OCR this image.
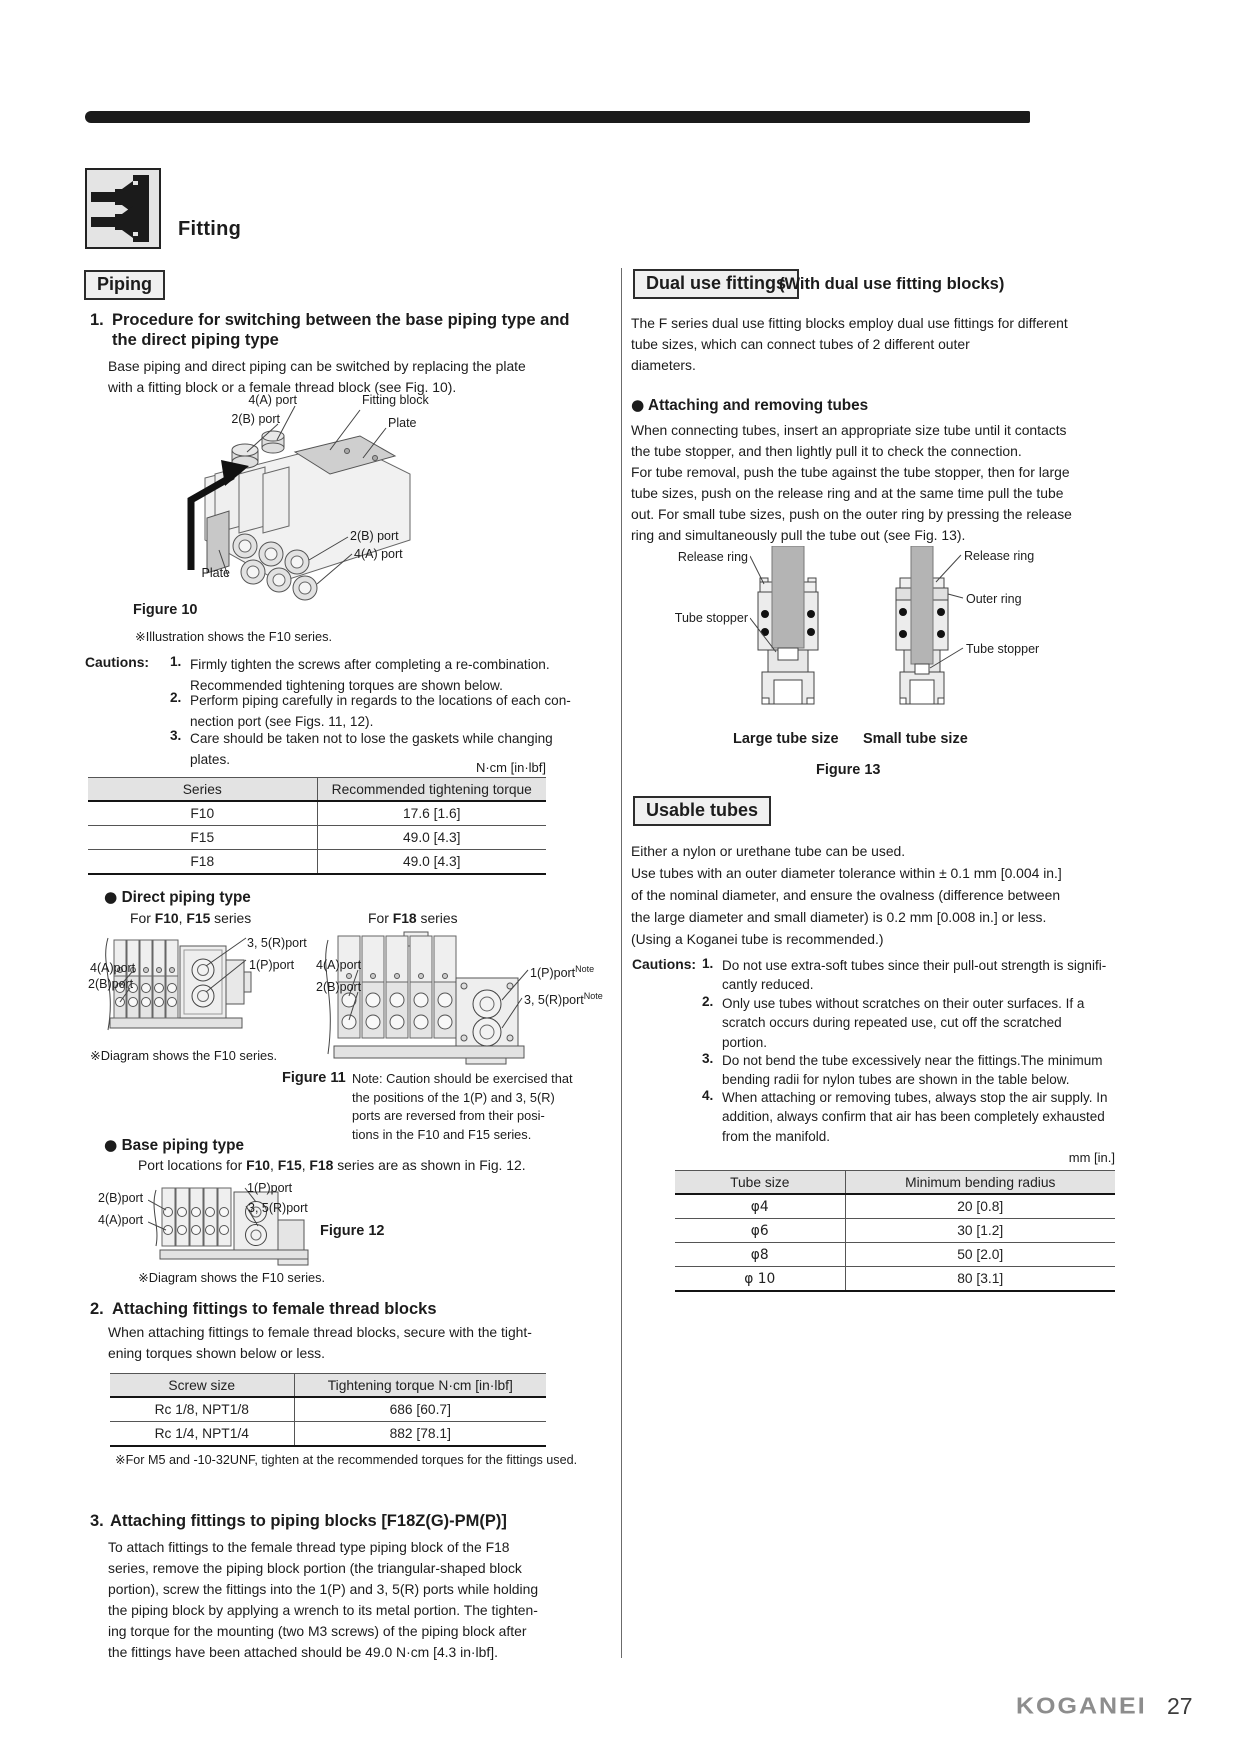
Fitting
Piping
1. Procedure for switching between the base piping type and
the direct piping type
Base piping and direct piping can be switched by replacing the plate
with a fitting block or a female thread block (see Fig. 10).
4(A) port
2(B) port
Fitting block
Plate
2(B) port
4(A) port
Plate
Figure 10
※Illustration shows the F10 series.
Cautions: 1. Firmly tighten the screws after completing a re-combination.
Recommended tightening torques are shown below.
2. Perform piping carefully in regards to the locations of each con-
nection port (see Figs. 11, 12).
3. Care should be taken not to lose the gaskets while changing
plates.
N·cm [in·lbf]
Series	Recommended tightening torque
F10	17.6 [1.6]
F15	49.0 [4.3]
F18	49.0 [4.3]
● Direct piping type
For F10, F15 series	For F18 series
3, 5(R)port
1(P)port
4(A)port
2(B)port
4(A)port
2(B)port
1(P)port$^{Note}$
3, 5(R)port$^{Note}$
※Diagram shows the F10 series.
Figure 11 Note: Caution should be exercised that
the positions of the 1(P) and 3, 5(R)
ports are reversed from their posi-
tions in the F10 and F15 series.
● Base piping type
Port locations for F10, F15, F18 series are as shown in Fig. 12.
1(P)port
3, 5(R)port
2(B)port
4(A)port
Figure 12
※Diagram shows the F10 series.
2. Attaching fittings to female thread blocks
When attaching fittings to female thread blocks, secure with the tight-
ening torques shown below or less.
Screw size	Tightening torque N·cm [in·lbf]
Rc 1/8, NPT1/8	686 [60.7]
Rc 1/4, NPT1/4	882 [78.1]
※For M5 and -10-32UNF, tighten at the recommended torques for the fittings used.
3. Attaching fittings to piping blocks [F18Z(G)-PM(P)]
To attach fittings to the female thread type piping block of the F18
series, remove the piping block portion (the triangular-shaped block
portion), screw the fittings into the 1(P) and 3, 5(R) ports while holding
the piping block by applying a wrench to its metal portion. The tighten-
ing torque for the mounting (two M3 screws) of the piping block after
the fittings have been attached should be 49.0 N·cm [4.3 in·lbf].
Dual use fittings
(With dual use fitting blocks)
The F series dual use fitting blocks employ dual use fittings for different
tube sizes, which can connect tubes of 2 different outer
diameters.
● Attaching and removing tubes
When connecting tubes, insert an appropriate size tube until it contacts
the tube stopper, and then lightly pull it to check the connection.
For tube removal, push the tube against the tube stopper, then for large
tube sizes, push on the release ring and at the same time pull the tube
out. For small tube sizes, push on the outer ring by pressing the release
ring and simultaneously pull the tube out (see Fig. 13).
Release ring
Tube stopper
Release ring
Outer ring
Tube stopper
Large tube size Small tube size
Figure 13
Usable tubes
Either a nylon or urethane tube can be used.
Use tubes with an outer diameter tolerance within ± 0.1 mm [0.004 in.]
of the nominal diameter, and ensure the ovalness (difference between
the large diameter and small diameter) is 0.2 mm [0.008 in.] or less.
(Using a Koganei tube is recommended.)
Cautions: 1. Do not use extra-soft tubes since their pull-out strength is signifi-
cantly reduced.
2. Only use tubes without scratches on their outer surfaces. If a
scratch occurs during repeated use, cut off the scratched
portion.
3. Do not bend the tube excessively near the fittings.The minimum
bending radii for nylon tubes are shown in the table below.
4. When attaching or removing tubes, always stop the air supply. In
addition, always confirm that air has been completely exhausted
from the manifold.
mm [in.]
Tube size	Minimum bending radius
φ4	20 [0.8]
φ6	30 [1.2]
φ8	50 [2.0]
φ 10	80 [3.1]
KOGANEI 27
